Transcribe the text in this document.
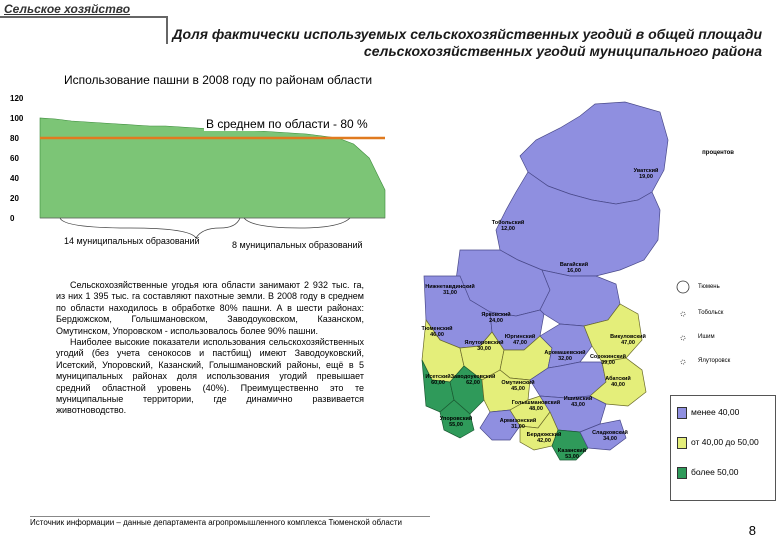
Сельское хозяйство
Доля фактически используемых сельскохозяйственных угодий в общей площади сельскохозяйственных угодий муниципального района
Использование пашни в 2008 году по районам области
0
20
40
60
80
100
120
В среднем по области - 80 %
14 муниципальных образований	8 муниципальных образований

Сельскохозяйственные угодья юга области занимают 2 932 тыс. га, из них 1 395 тыс. га составляют пахотные земли. В 2008 году в среднем по области находилось в обработке 80% пашни. А в шести районах: Бердюжском, Голышмановском, Заводоуковском, Казанском, Омутинском, Упоровском - использовалось более 90% пашни.

Наиболее высокие показатели использования сельскохозяйственных угодий (без учета сенокосов и пастбищ) имеют Заводоуковский, Исетский, Упоровский, Казанский, Голышмановский районы, ещё в 5 муниципальных районах доля использования угодий превышает средний областной уровень (40%). Преимущественно это те муниципальные территории, где динамично развивается животноводство.

Источник информации – данные департамента агропромышленного комплекса Тюменской области
8
процентов
Уватский
19,00
Тобольский
12,00
Вагайский
16,00
Нижнетавдинский
31,00
Ярковский
24,00
Тюменский
46,00
Ялуторовский
30,00
Исетский
60,00
Заводоуковский
62,00
Упоровский
55,00
Юргинский
47,00
Омутинский
45,00
Армизонский
31,00
Голышмановский
48,00
Аромашевский
32,00	Сорокинский
39,00
Викуловский
47,00
Абатский
40,00
Ишимский
43,00
Бердюжский
42,00
Казанский
53,00
Сладковский
34,00
Тюмень
Тобольск
Ишим
Ялуторовск
менее 40,00
от 40,00 до 50,00
более 50,00
